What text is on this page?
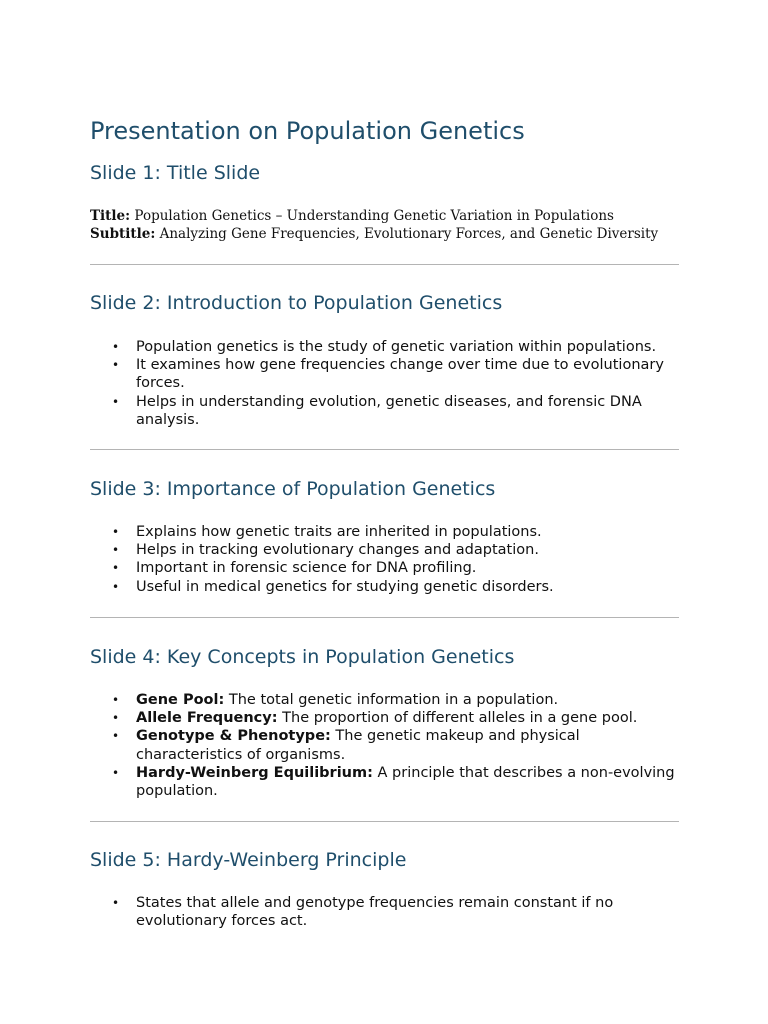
Presentation on Population Genetics
Slide 1: Title Slide
Title: Population Genetics – Understanding Genetic Variation in Populations
Subtitle: Analyzing Gene Frequencies, Evolutionary Forces, and Genetic Diversity
Slide 2: Introduction to Population Genetics
• Population genetics is the study of genetic variation within populations.
• It examines how gene frequencies change over time due to evolutionary forces.
• Helps in understanding evolution, genetic diseases, and forensic DNA analysis.
Slide 3: Importance of Population Genetics
• Explains how genetic traits are inherited in populations.
• Helps in tracking evolutionary changes and adaptation.
• Important in forensic science for DNA profiling.
• Useful in medical genetics for studying genetic disorders.
Slide 4: Key Concepts in Population Genetics
• Gene Pool: The total genetic information in a population.
• Allele Frequency: The proportion of different alleles in a gene pool.
• Genotype & Phenotype: The genetic makeup and physical characteristics of organisms.
• Hardy-Weinberg Equilibrium: A principle that describes a non-evolving population.
Slide 5: Hardy-Weinberg Principle
• States that allele and genotype frequencies remain constant if no evolutionary forces act.
